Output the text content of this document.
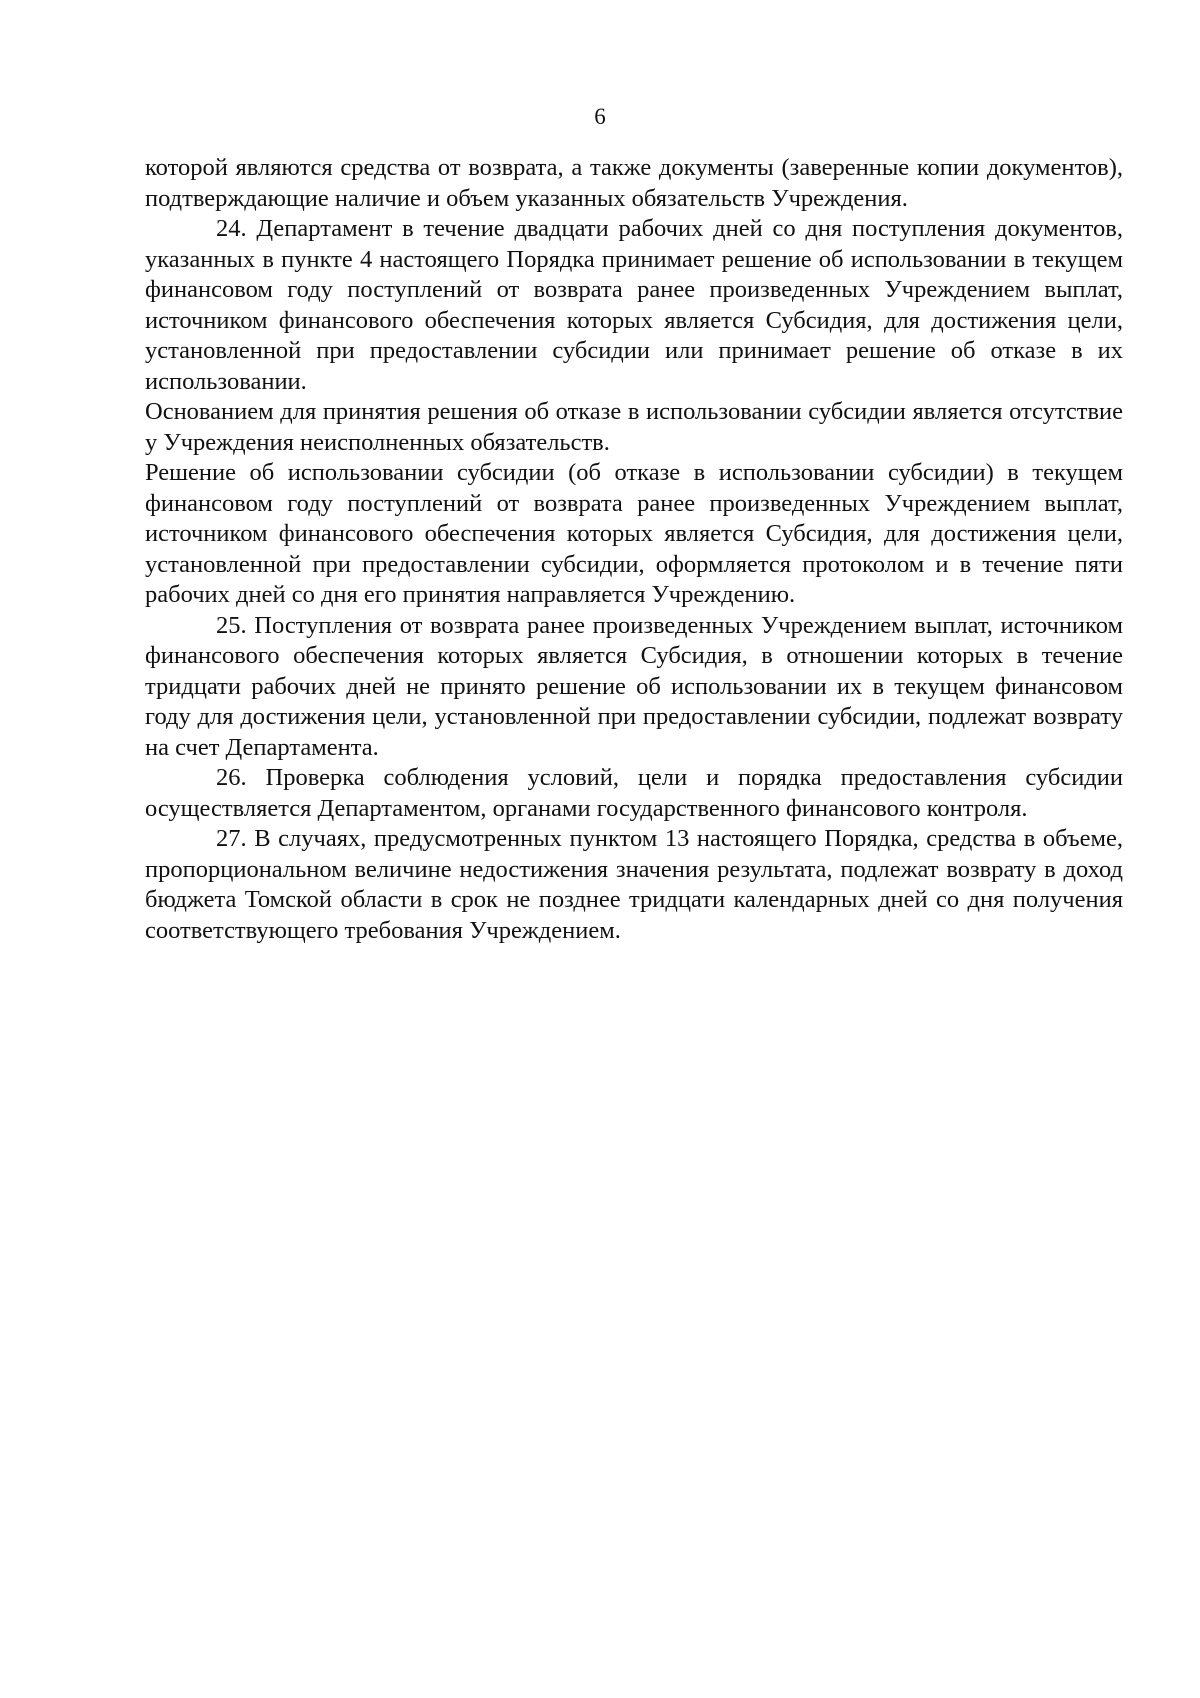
6

которой являются средства от возврата, а также документы (заверенные копии документов), подтверждающие наличие и объем указанных обязательств Учреждения.

24. Департамент в течение двадцати рабочих дней со дня поступления документов, указанных в пункте 4 настоящего Порядка принимает решение об использовании в текущем финансовом году поступлений от возврата ранее произведенных Учреждением выплат, источником финансового обеспечения которых является Субсидия, для достижения цели, установленной при предоставлении субсидии или принимает решение об отказе в их использовании.

Основанием для принятия решения об отказе в использовании субсидии является отсутствие у Учреждения неисполненных обязательств.

Решение об использовании субсидии (об отказе в использовании субсидии) в текущем финансовом году поступлений от возврата ранее произведенных Учреждением выплат, источником финансового обеспечения которых является Субсидия, для достижения цели, установленной при предоставлении субсидии, оформляется протоколом и в течение пяти рабочих дней со дня его принятия направляется Учреждению.

25. Поступления от возврата ранее произведенных Учреждением выплат, источником финансового обеспечения которых является Субсидия, в отношении которых в течение тридцати рабочих дней не принято решение об использовании их в текущем финансовом году для достижения цели, установленной при предоставлении субсидии, подлежат возврату на счет Департамента.

26. Проверка соблюдения условий, цели и порядка предоставления субсидии осуществляется Департаментом, органами государственного финансового контроля.

27. В случаях, предусмотренных пунктом 13 настоящего Порядка, средства в объеме, пропорциональном величине недостижения значения результата, подлежат возврату в доход бюджета Томской области в срок не позднее тридцати календарных дней со дня получения соответствующего требования Учреждением.
